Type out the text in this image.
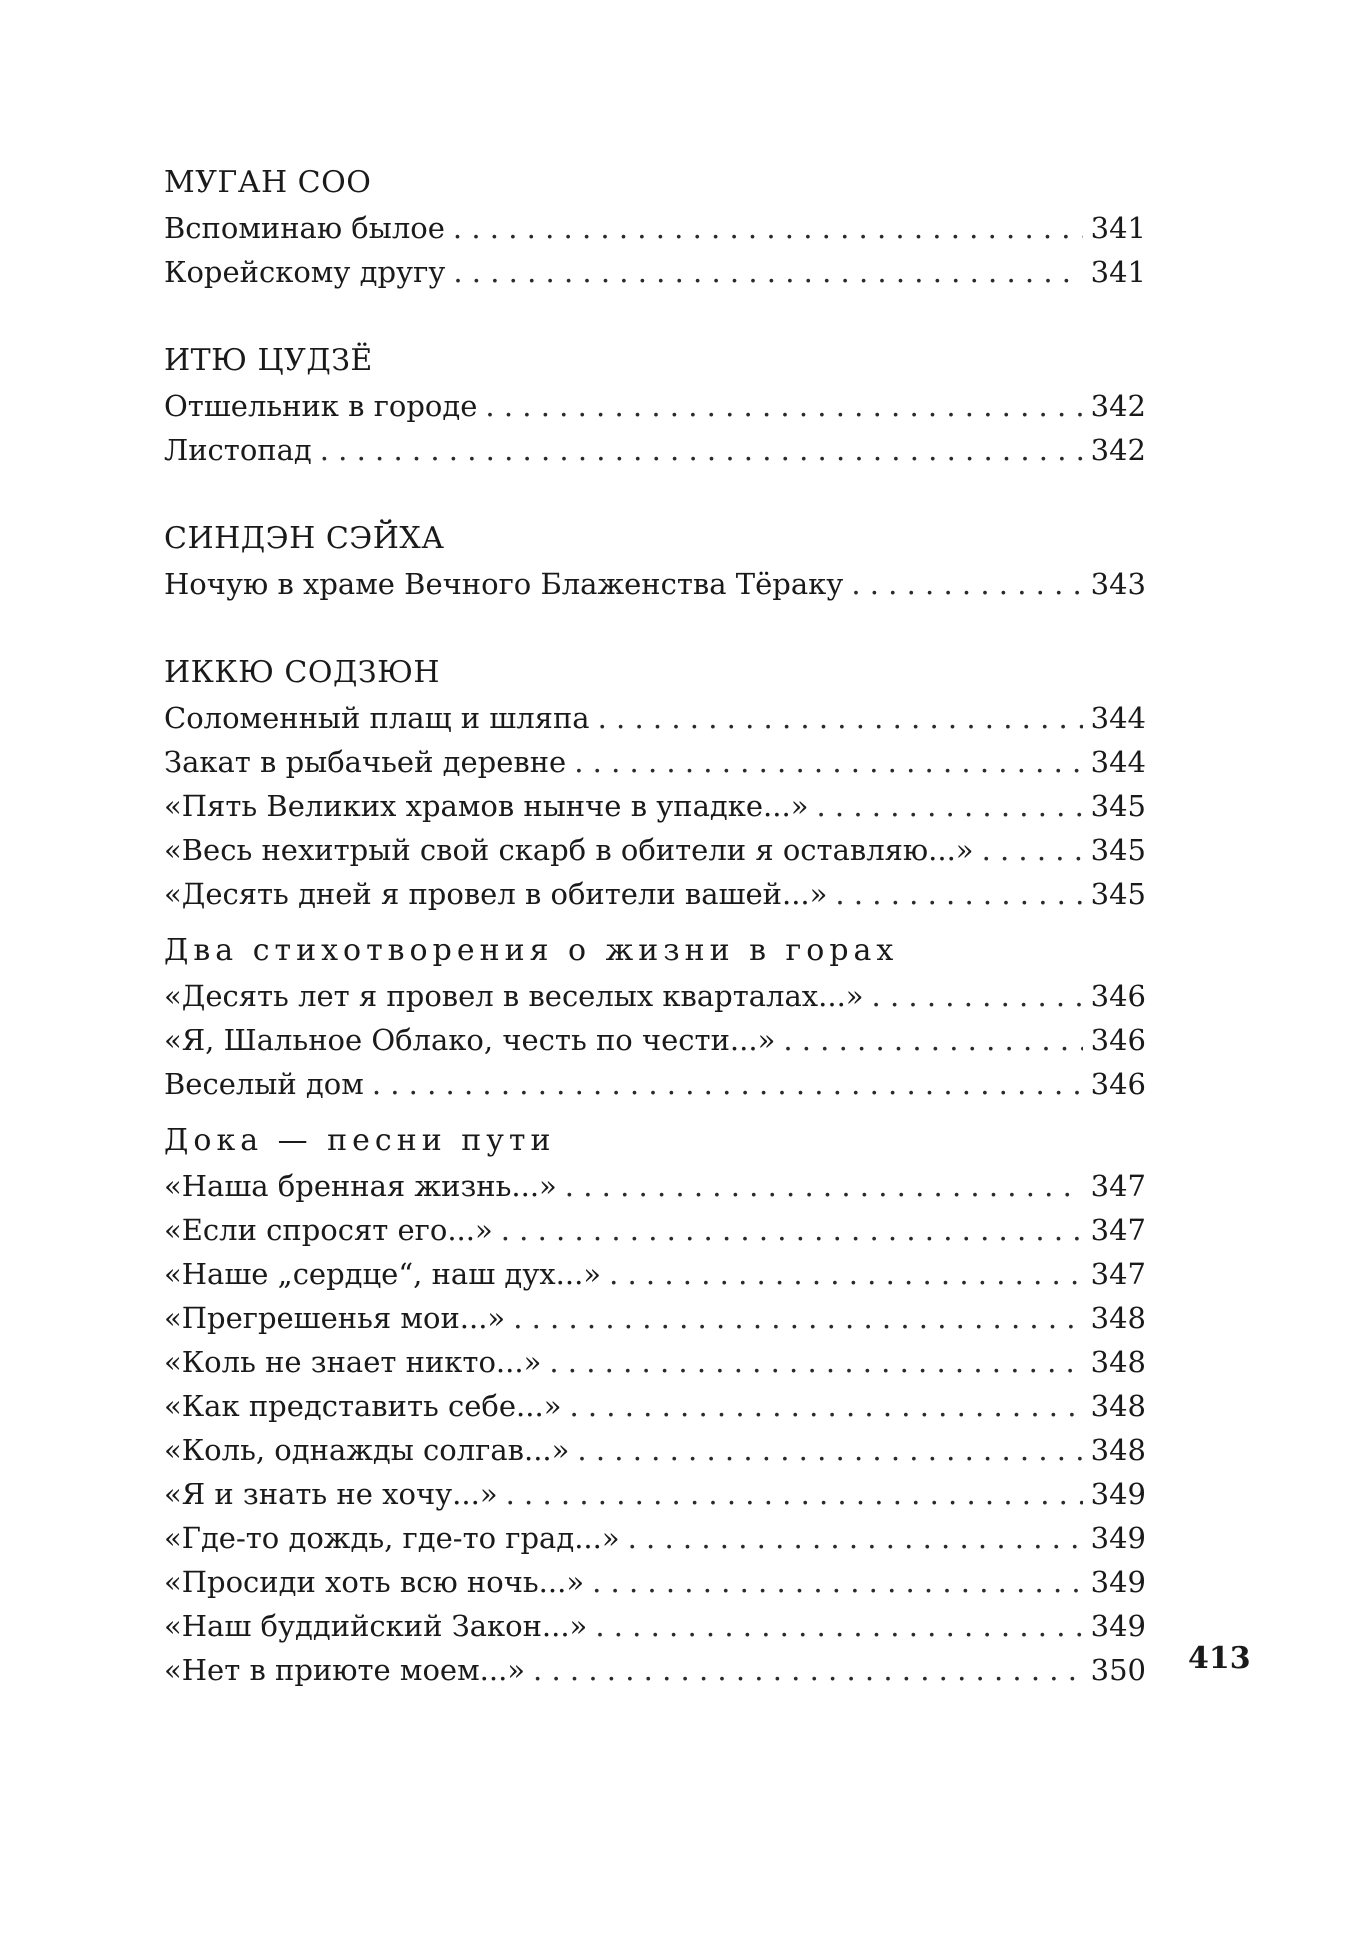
МУГАН СОО
Вспоминаю былое . . .	341
Корейскому другу . . .	341
ИТЮ ЦУДЗЁ
Отшельник в городе . . .	342
Листопад . . .	342
СИНДЭН СЭЙХА
Ночую в храме Вечного Блаженства Тёраку . . .	343
ИККЮ СОДЗЮН
Соломенный плащ и шляпа . . .	344
Закат в рыбачьей деревне . . .	344
«Пять Великих храмов нынче в упадке...» . . .	345
«Весь нехитрый свой скарб в обители я оставляю...» . . .	345
«Десять дней я провел в обители вашей...» . . .	345
Два стихотворения о жизни в горах
«Десять лет я провел в веселых кварталах...» . . .	346
«Я, Шальное Облако, честь по чести...» . . .	346
Веселый дом . . .	346
Дока — песни пути
«Наша бренная жизнь...» . . .	347
«Если спросят его...» . . .	347
«Наше „сердце“, наш дух...» . . .	347
«Прегрешенья мои...» . . .	348
«Коль не знает никто...» . . .	348
«Как представить себе...» . . .	348
«Коль, однажды солгав...» . . .	348
«Я и знать не хочу...» . . .	349
«Где-то дождь, где-то град...» . . .	349
«Просиди хоть всю ночь...» . . .	349
«Наш буддийский Закон...» . . .	349
«Нет в приюте моем...» . . .	350 413
